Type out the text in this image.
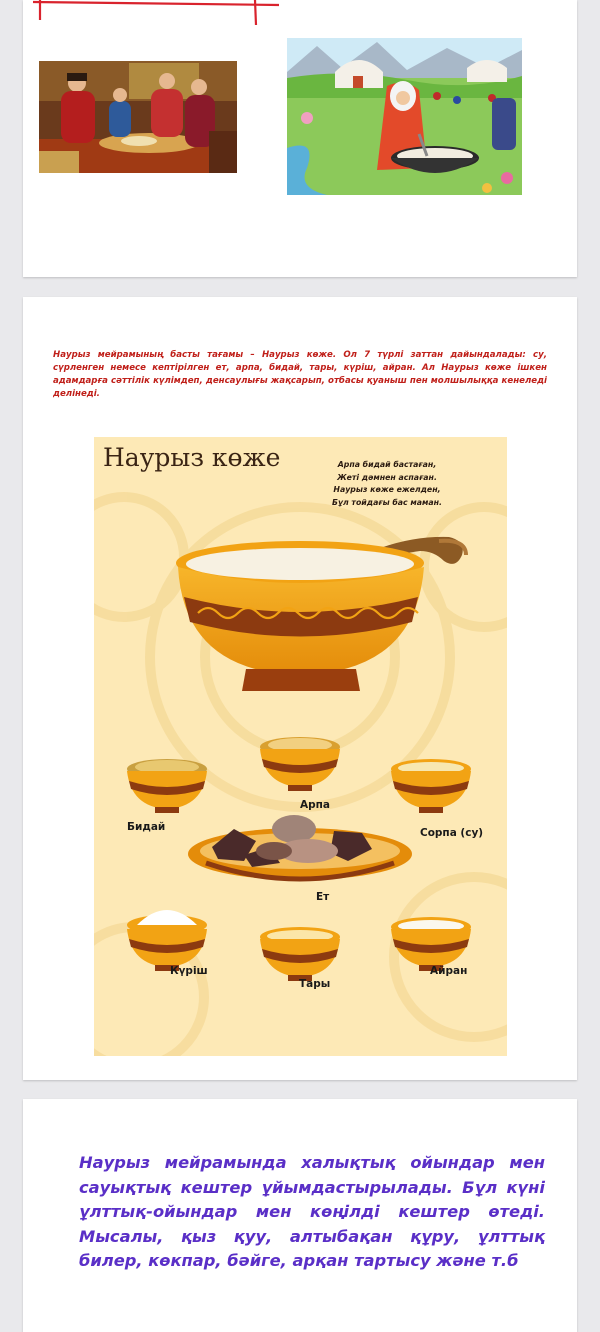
Наурыз мейрамының басты тағамы – Наурыз көже. Ол 7 түрлі заттан дайындалады: су, сүрленген немесе кептірілген ет, арпа, бидай, тары, күріш, айран. Ал Наурыз көже ішкен адамдарға сәттілік күлімдеп, денсаулығы жақсарып, отбасы қуаныш пен молшылыққа кенеледі делінеді.

Наурыз көже	Арпа бидай бастаған,
Жеті дәмнен аспаған.
Наурыз көже ежелден,
Бұл тойдағы бас маман.
Арпа
Бидай	Сорпа (су)
Ет
Күріш
Тары
Айран

Наурыз мейрамында халықтық ойындар мен сауықтық кештер ұйымдастырылады. Бұл күні ұлттық-ойындар мен көңілді кештер өтеді. Мысалы, қыз қуу, алтыбақан құру, ұлттық билер, көкпар, бәйге, арқан тартысу және т.б
